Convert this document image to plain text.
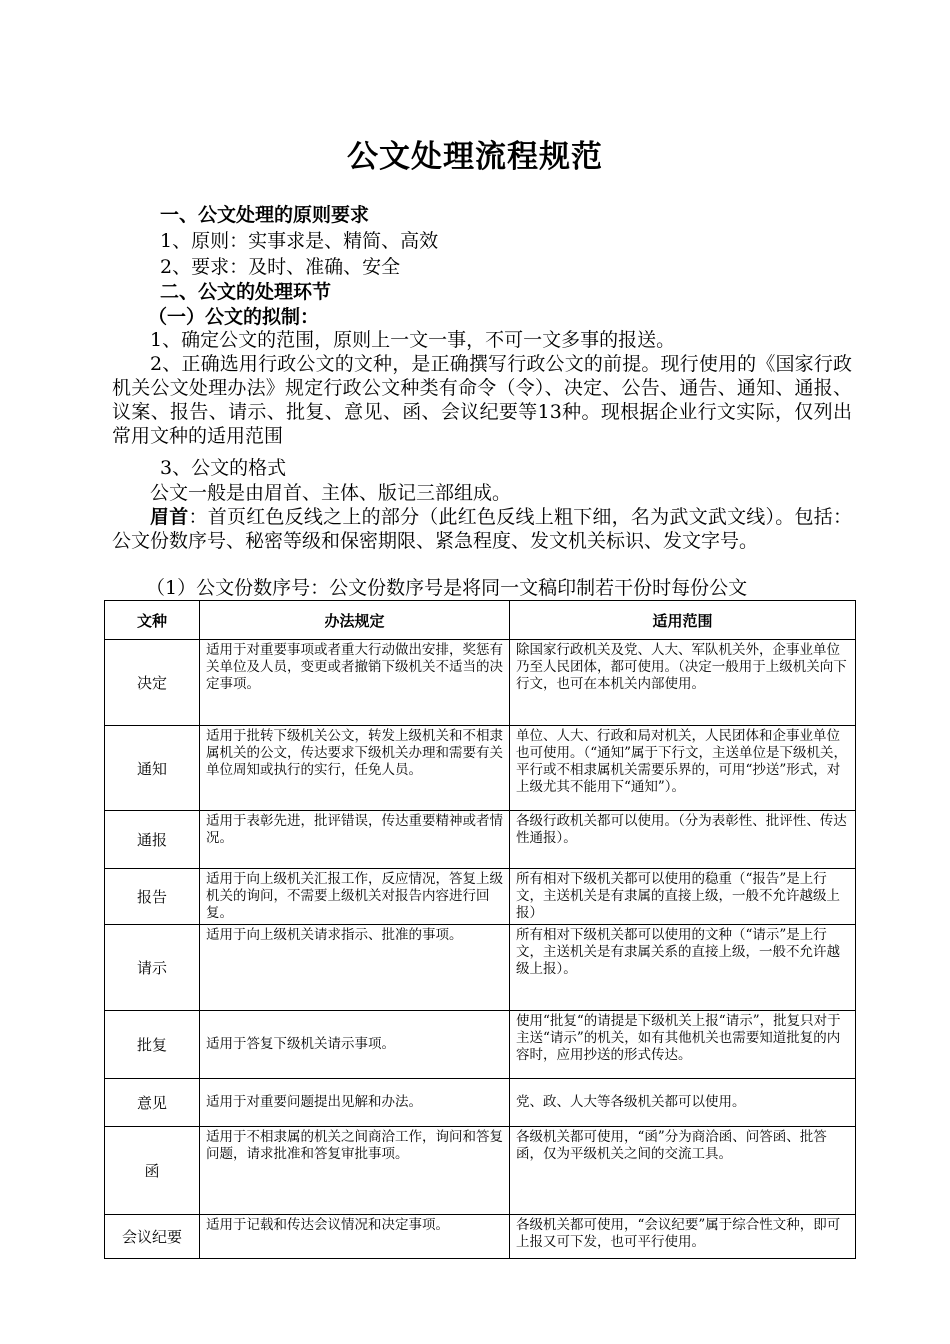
公文处理流程规范
一、公文处理的原则要求
1、原则：实事求是、精简、高效
2、要求：及时、准确、安全
二、公文的处理环节
（一）公文的拟制：
1、确定公文的范围，原则上一文一事，不可一文多事的报送。
2、正确选用行政公文的文种，是正确撰写行政公文的前提。现行使用的《国家行政机关公文处理办法》规定行政公文种类有命令（令）、决定、公告、通告、通知、通报、议案、报告、请示、批复、意见、函、会议纪要等13种。现根据企业行文实际，仅列出常用文种的适用范围
3、公文的格式
公文一般是由眉首、主体、版记三部组成。
眉首：首页红色反线之上的部分（此红色反线上粗下细，名为武文武文线）。包括：公文份数序号、秘密等级和保密期限、紧急程度、发文机关标识、发文字号。
（1）公文份数序号：公文份数序号是将同一文稿印制若干份时每份公文
文种	办法规定	适用范围
决定	适用于对重要事项或者重大行动做出安排，奖惩有关单位及人员，变更或者撤销下级机关不适当的决定事项。	除国家行政机关及党、人大、军队机关外，企事业单位乃至人民团体，都可使用。（决定一般用于上级机关向下行文，也可在本机关内部使用。
通知	适用于批转下级机关公文，转发上级机关和不相隶属机关的公文，传达要求下级机关办理和需要有关单位周知或执行的实行，任免人员。	单位、人大、行政和局对机关，人民团体和企事业单位也可使用。（“通知”属于下行文，主送单位是下级机关，平行或不相隶属机关需要乐界的，可用“抄送”形式，对上级尤其不能用下“通知”）。
通报	适用于表彰先进，批评错误，传达重要精神或者情况。	各级行政机关都可以使用。（分为表彰性、批评性、传达性通报）。
报告	适用于向上级机关汇报工作，反应情况，答复上级机关的询问，不需要上级机关对报告内容进行回复。	所有相对下级机关都可以使用的稳重（“报告”是上行文，主送机关是有隶属的直接上级，一般不允许越级上报）
请示	适用于向上级机关请求指示、批准的事项。	所有相对下级机关都可以使用的文种（“请示”是上行文，主送机关是有隶属关系的直接上级，一般不允许越级上报）。
批复	适用于答复下级机关请示事项。	使用“批复“的请提是下级机关上报“请示”，批复只对于主送“请示”的机关，如有其他机关也需要知道批复的内容时，应用抄送的形式传达。
意见	适用于对重要问题提出见解和办法。	党、政、人大等各级机关都可以使用。
函	适用于不相隶属的机关之间商洽工作，询问和答复问题，请求批准和答复审批事项。	各级机关都可使用，“函”分为商洽函、问答函、批答函，仅为平级机关之间的交流工具。
会议纪要	适用于记载和传达会议情况和决定事项。	各级机关都可使用，“会议纪要”属于综合性文种，即可上报又可下发，也可平行使用。
